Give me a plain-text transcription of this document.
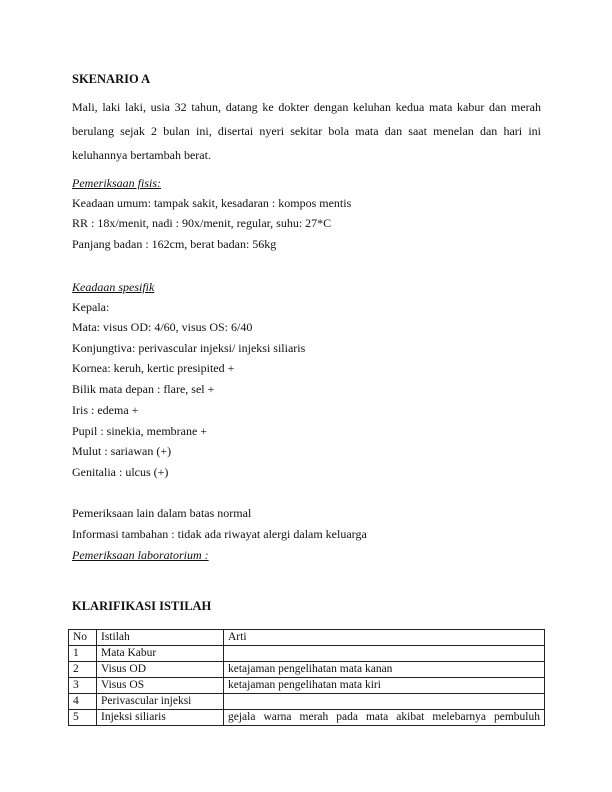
SKENARIO A
Mali, laki laki, usia 32 tahun, datang ke dokter dengan keluhan kedua mata kabur dan merah
berulang sejak 2 bulan ini, disertai nyeri sekitar bola mata dan saat menelan dan hari ini
keluhannya bertambah berat.
Pemeriksaan fisis:
Keadaan umum: tampak sakit, kesadaran : kompos mentis
RR : 18x/menit, nadi : 90x/menit, regular, suhu: 27*C
Panjang badan : 162cm, berat badan: 56kg
Keadaan spesifik
Kepala:
Mata: visus OD: 4/60, visus OS: 6/40
Konjungtiva: perivascular injeksi/ injeksi siliaris
Kornea: keruh, kertic presipited +
Bilik mata depan : flare, sel +
Iris : edema +
Pupil : sinekia, membrane +
Mulut : sariawan (+)
Genitalia : ulcus (+)
Pemeriksaan lain dalam batas normal
Informasi tambahan : tidak ada riwayat alergi dalam keluarga
Pemeriksaan laboratorium :
KLARIFIKASI ISTILAH
No	Istilah	Arti
1	Mata Kabur	
2	Visus OD	ketajaman pengelihatan mata kanan
3	Visus OS	ketajaman pengelihatan mata kiri
4	Perivascular injeksi	
5	Injeksi siliaris	gejala warna merah pada mata akibat melebarnya pembuluh
